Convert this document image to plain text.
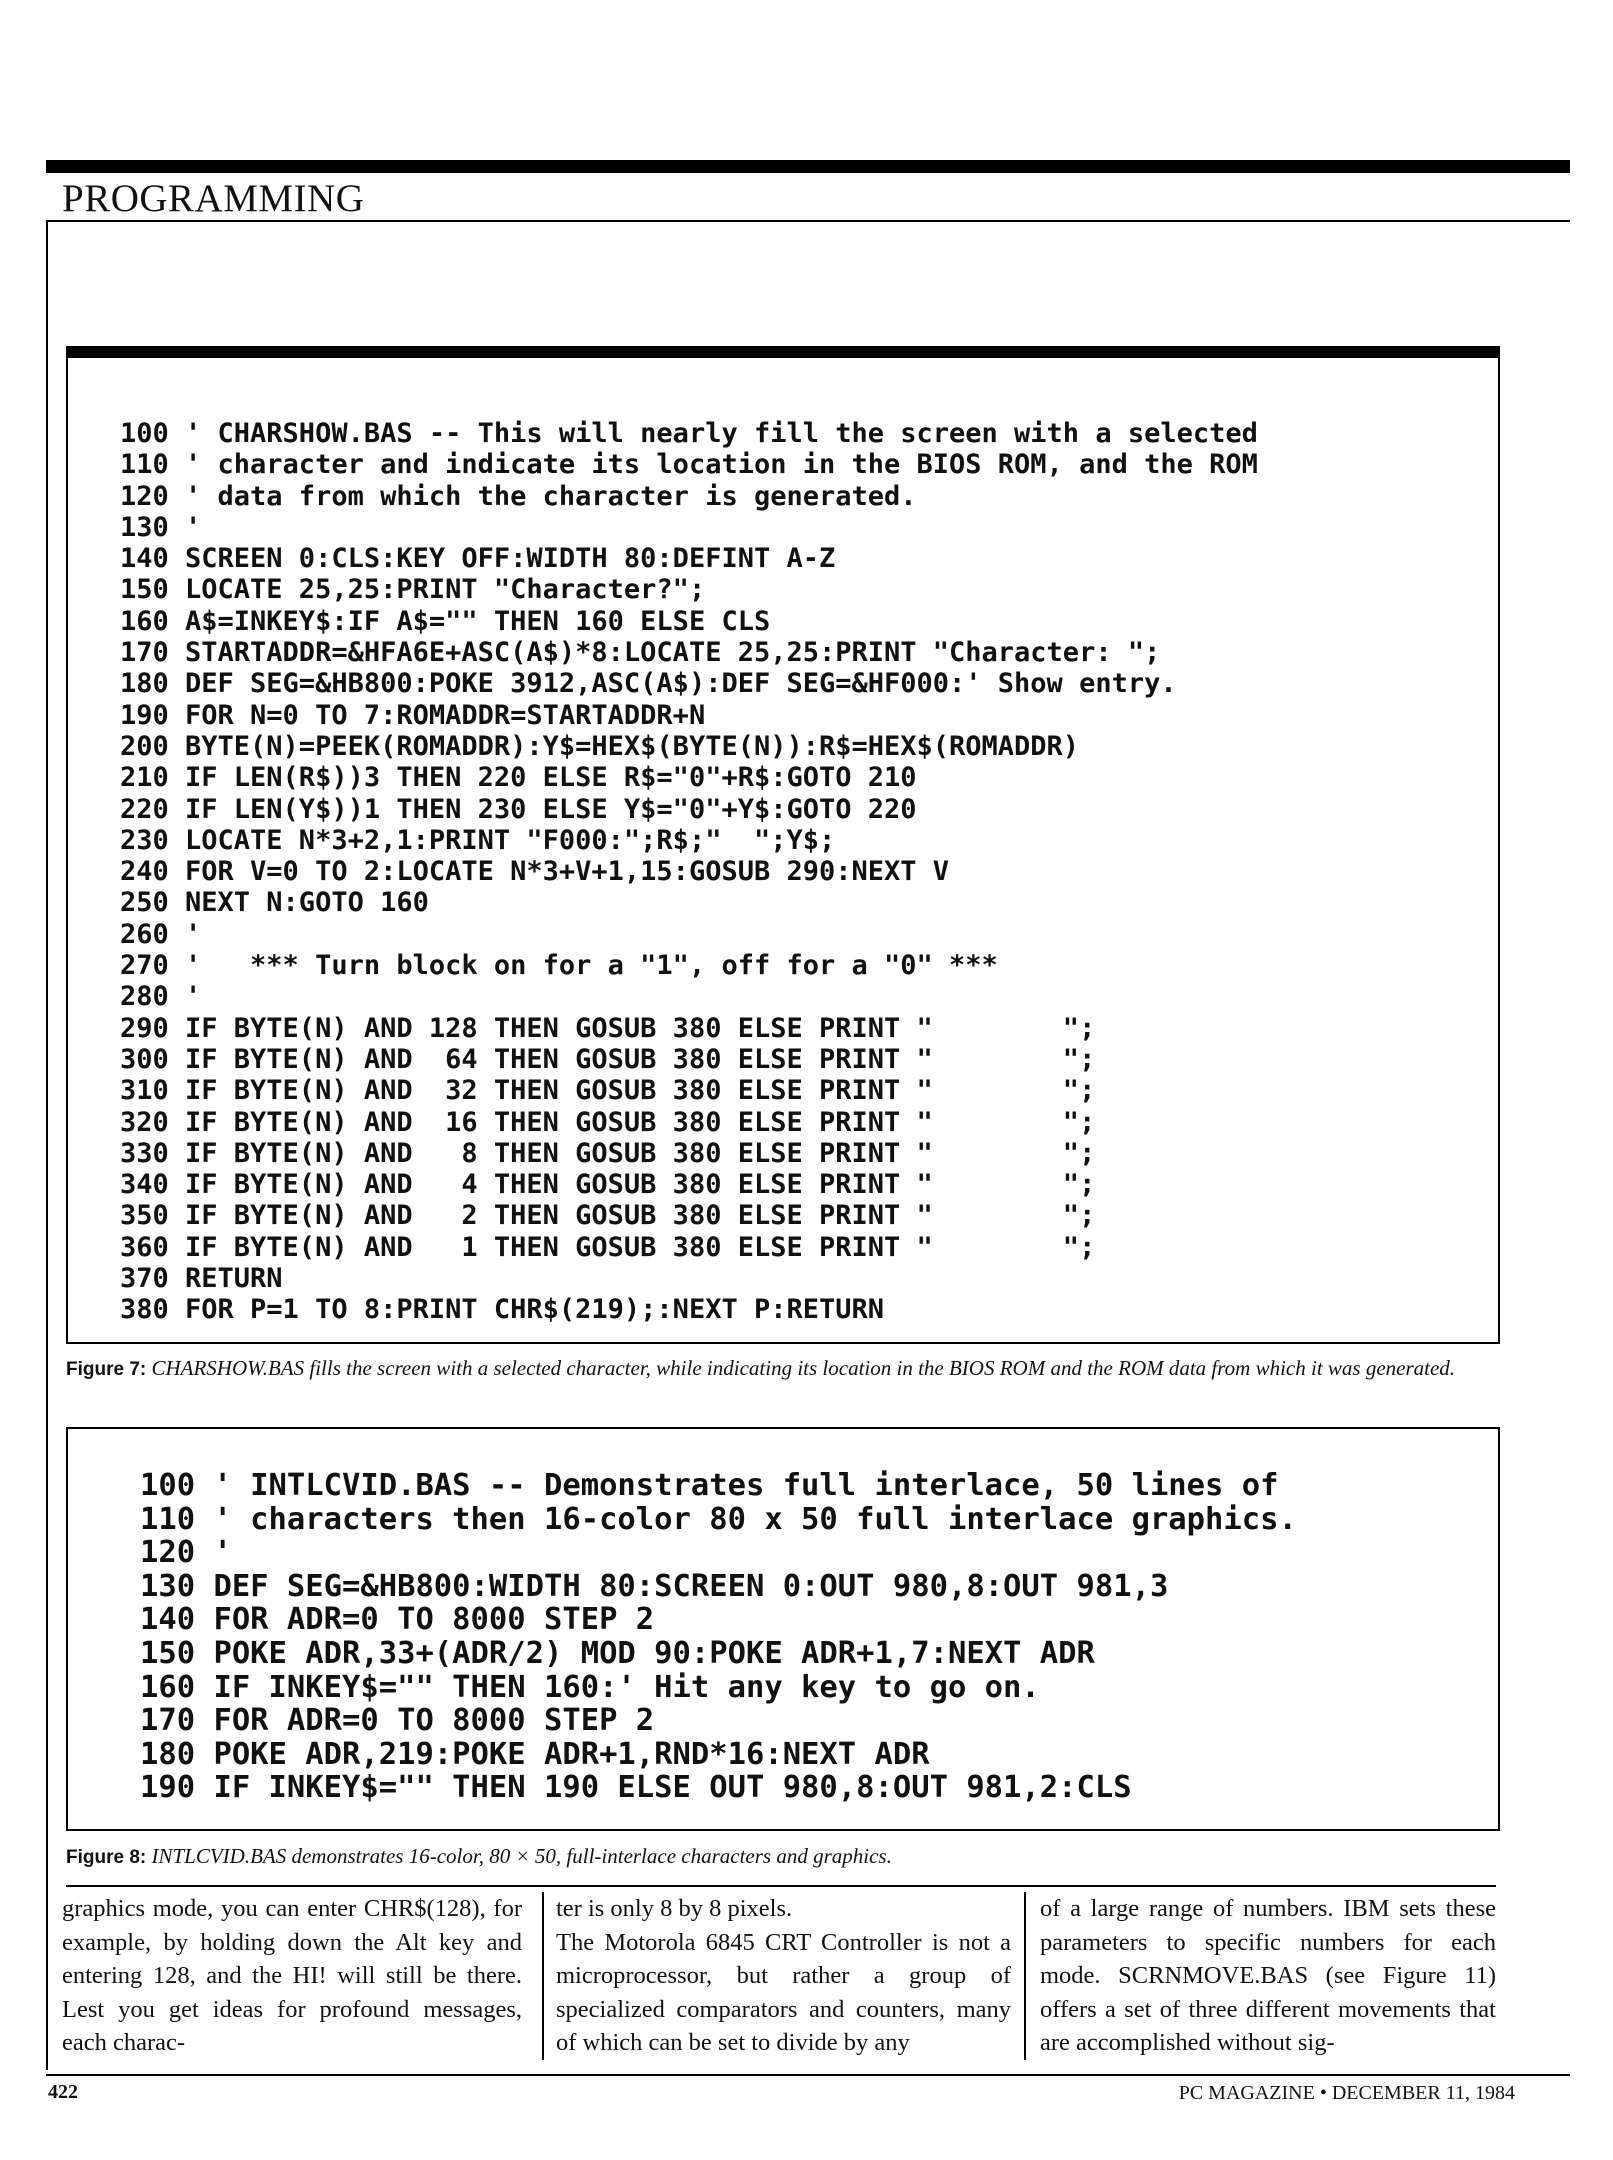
PROGRAMMING
100 ' CHARSHOW.BAS -- This will nearly fill the screen with a selected
110 ' character and indicate its location in the BIOS ROM, and the ROM
120 ' data from which the character is generated.
130 '
140 SCREEN 0:CLS:KEY OFF:WIDTH 80:DEFINT A-Z
150 LOCATE 25,25:PRINT "Character?";
160 A$=INKEY$:IF A$="" THEN 160 ELSE CLS
170 STARTADDR=&HFA6E+ASC(A$)*8:LOCATE 25,25:PRINT "Character: ";
180 DEF SEG=&HB800:POKE 3912,ASC(A$):DEF SEG=&HF000:' Show entry.
190 FOR N=0 TO 7:ROMADDR=STARTADDR+N
200 BYTE(N)=PEEK(ROMADDR):Y$=HEX$(BYTE(N)):R$=HEX$(ROMADDR)
210 IF LEN(R$))3 THEN 220 ELSE R$="0"+R$:GOTO 210
220 IF LEN(Y$))1 THEN 230 ELSE Y$="0"+Y$:GOTO 220
230 LOCATE N*3+2,1:PRINT "F000:";R$;"  ";Y$;
240 FOR V=0 TO 2:LOCATE N*3+V+1,15:GOSUB 290:NEXT V
250 NEXT N:GOTO 160
260 '
270 '   *** Turn block on for a "1", off for a "0" ***
280 '
290 IF BYTE(N) AND 128 THEN GOSUB 380 ELSE PRINT "        ";
300 IF BYTE(N) AND  64 THEN GOSUB 380 ELSE PRINT "        ";
310 IF BYTE(N) AND  32 THEN GOSUB 380 ELSE PRINT "        ";
320 IF BYTE(N) AND  16 THEN GOSUB 380 ELSE PRINT "        ";
330 IF BYTE(N) AND   8 THEN GOSUB 380 ELSE PRINT "        ";
340 IF BYTE(N) AND   4 THEN GOSUB 380 ELSE PRINT "        ";
350 IF BYTE(N) AND   2 THEN GOSUB 380 ELSE PRINT "        ";
360 IF BYTE(N) AND   1 THEN GOSUB 380 ELSE PRINT "        ";
370 RETURN
380 FOR P=1 TO 8:PRINT CHR$(219);:NEXT P:RETURN
Figure 7: CHARSHOW.BAS fills the screen with a selected character, while indicating its location in the BIOS ROM and the ROM data from which it was generated.
100 ' INTLCVID.BAS -- Demonstrates full interlace, 50 lines of
110 ' characters then 16-color 80 x 50 full interlace graphics.
120 '
130 DEF SEG=&HB800:WIDTH 80:SCREEN 0:OUT 980,8:OUT 981,3
140 FOR ADR=0 TO 8000 STEP 2
150 POKE ADR,33+(ADR/2) MOD 90:POKE ADR+1,7:NEXT ADR
160 IF INKEY$="" THEN 160:' Hit any key to go on.
170 FOR ADR=0 TO 8000 STEP 2
180 POKE ADR,219:POKE ADR+1,RND*16:NEXT ADR
190 IF INKEY$="" THEN 190 ELSE OUT 980,8:OUT 981,2:CLS
Figure 8: INTLCVID.BAS demonstrates 16-color, 80 × 50, full-interlace characters and graphics.
graphics mode, you can enter CHR$(128), for example, by holding down the Alt key and entering 128, and the HI! will still be there. Lest you get ideas for profound messages, each charac-
ter is only 8 by 8 pixels.
The Motorola 6845 CRT Controller is not a microprocessor, but rather a group of specialized comparators and counters, many of which can be set to divide by any
of a large range of numbers. IBM sets these parameters to specific numbers for each mode. SCRNMOVE.BAS (see Figure 11) offers a set of three different movements that are accomplished without sig-
422	PC MAGAZINE • DECEMBER 11, 1984
